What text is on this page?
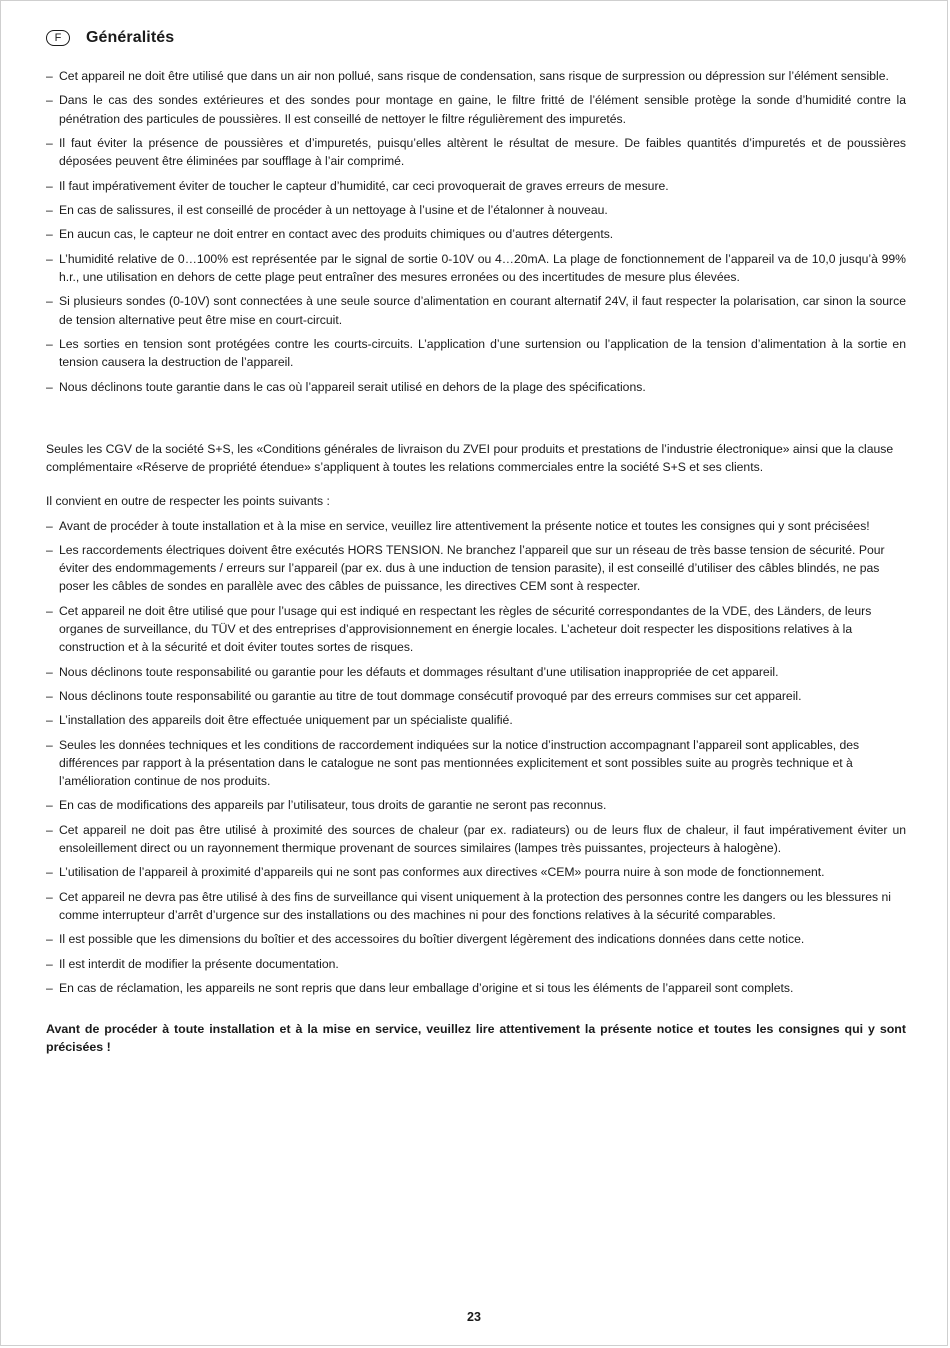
F	Généralités
– Cet appareil ne doit être utilisé que dans un air non pollué, sans risque de condensation, sans risque de surpression ou dépression sur l’élément sensible.
– Dans le cas des sondes extérieures et des sondes pour montage en gaine, le filtre fritté de l’élément sensible protège la sonde d’humidité contre la pénétration des particules de poussières. Il est conseillé de nettoyer le filtre régulièrement des impuretés.
– Il faut éviter la présence de poussières et d’impuretés, puisqu’elles altèrent le résultat de mesure. De faibles quantités d’impuretés et de poussières déposées peuvent être éliminées par soufflage à l’air comprimé.
– Il faut impérativement éviter de toucher le capteur d’humidité, car ceci provoquerait de graves erreurs de mesure.
– En cas de salissures, il est conseillé de procéder à un nettoyage à l’usine et de l’étalonner à nouveau.
– En aucun cas, le capteur ne doit entrer en contact avec des produits chimiques ou d’autres détergents.
– L’humidité relative de 0…100% est représentée par le signal de sortie 0-10V ou 4…20mA. La plage de fonctionnement de l’appareil va de 10,0 jusqu’à 99% h.r., une utilisation en dehors de cette plage peut entraîner des mesures erronées ou des incertitudes de mesure plus élevées.
– Si plusieurs sondes (0-10V) sont connectées à une seule source d’alimentation en courant alternatif 24V, il faut respecter la polarisation, car sinon la source de tension alternative peut être mise en court-circuit.
– Les sorties en tension sont protégées contre les courts-circuits. L’application d’une surtension ou l’application de la tension d’alimentation à la sortie en tension causera la destruction de l’appareil.
– Nous déclinons toute garantie dans le cas où l’appareil serait utilisé en dehors de la plage des spécifications.

Seules les CGV de la société S+S, les «Conditions générales de livraison du ZVEI pour produits et prestations de l’industrie électronique» ainsi que la clause complémentaire «Réserve de propriété étendue» s’appliquent à toutes les relations commerciales entre la société S+S et ses clients.

Il convient en outre de respecter les points suivants :

– Avant de procéder à toute installation et à la mise en service, veuillez lire attentivement la présente notice et toutes les consignes qui y sont précisées!
– Les raccordements électriques doivent être exécutés HORS TENSION. Ne branchez l’appareil que sur un réseau de très basse tension de sécurité. Pour éviter des endommagements / erreurs sur l’appareil (par ex. dus à une induction de tension parasite), il est conseillé d’utiliser des câbles blindés, ne pas poser les câbles de sondes en parallèle avec des câbles de puissance, les directives CEM sont à respecter.
– Cet appareil ne doit être utilisé que pour l’usage qui est indiqué en respectant les règles de sécurité correspondantes de la VDE, des Länders, de leurs organes de surveillance, du TÜV et des entreprises d’approvisionnement en énergie locales. L’acheteur doit respecter les dispositions relatives à la construction et à la sécurité et doit éviter toutes sortes de risques.
– Nous déclinons toute responsabilité ou garantie pour les défauts et dommages résultant d’une utilisation inappropriée de cet appareil.
– Nous déclinons toute responsabilité ou garantie au titre de tout dommage consécutif provoqué par des erreurs commises sur cet appareil.
– L’installation des appareils doit être effectuée uniquement par un spécialiste qualifié.
– Seules les données techniques et les conditions de raccordement indiquées sur la notice d’instruction accompagnant l’appareil sont applicables, des différences par rapport à la présentation dans le catalogue ne sont pas mentionnées explicitement et sont possibles suite au progrès technique et à l’amélioration continue de nos produits.
– En cas de modifications des appareils par l’utilisateur, tous droits de garantie ne seront pas reconnus.
– Cet appareil ne doit pas être utilisé à proximité des sources de chaleur (par ex. radiateurs) ou de leurs flux de chaleur, il faut impérativement éviter un ensoleillement direct ou un rayonnement thermique provenant de sources similaires (lampes très puissantes, projecteurs à halogène).
– L’utilisation de l’appareil à proximité d’appareils qui ne sont pas conformes aux directives «CEM» pourra nuire à son mode de fonctionnement.
– Cet appareil ne devra pas être utilisé à des fins de surveillance qui visent uniquement à la protection des personnes contre les dangers ou les blessures ni comme interrupteur d’arrêt d’urgence sur des installations ou des machines ni pour des fonctions relatives à la sécurité comparables.
– Il est possible que les dimensions du boîtier et des accessoires du boîtier divergent légèrement des indications données dans cette notice.
– Il est interdit de modifier la présente documentation.
– En cas de réclamation, les appareils ne sont repris que dans leur emballage d’origine et si tous les éléments de l’appareil sont complets.

Avant de procéder à toute installation et à la mise en service, veuillez lire attentivement la présente notice et toutes les consignes qui y sont précisées !

23
